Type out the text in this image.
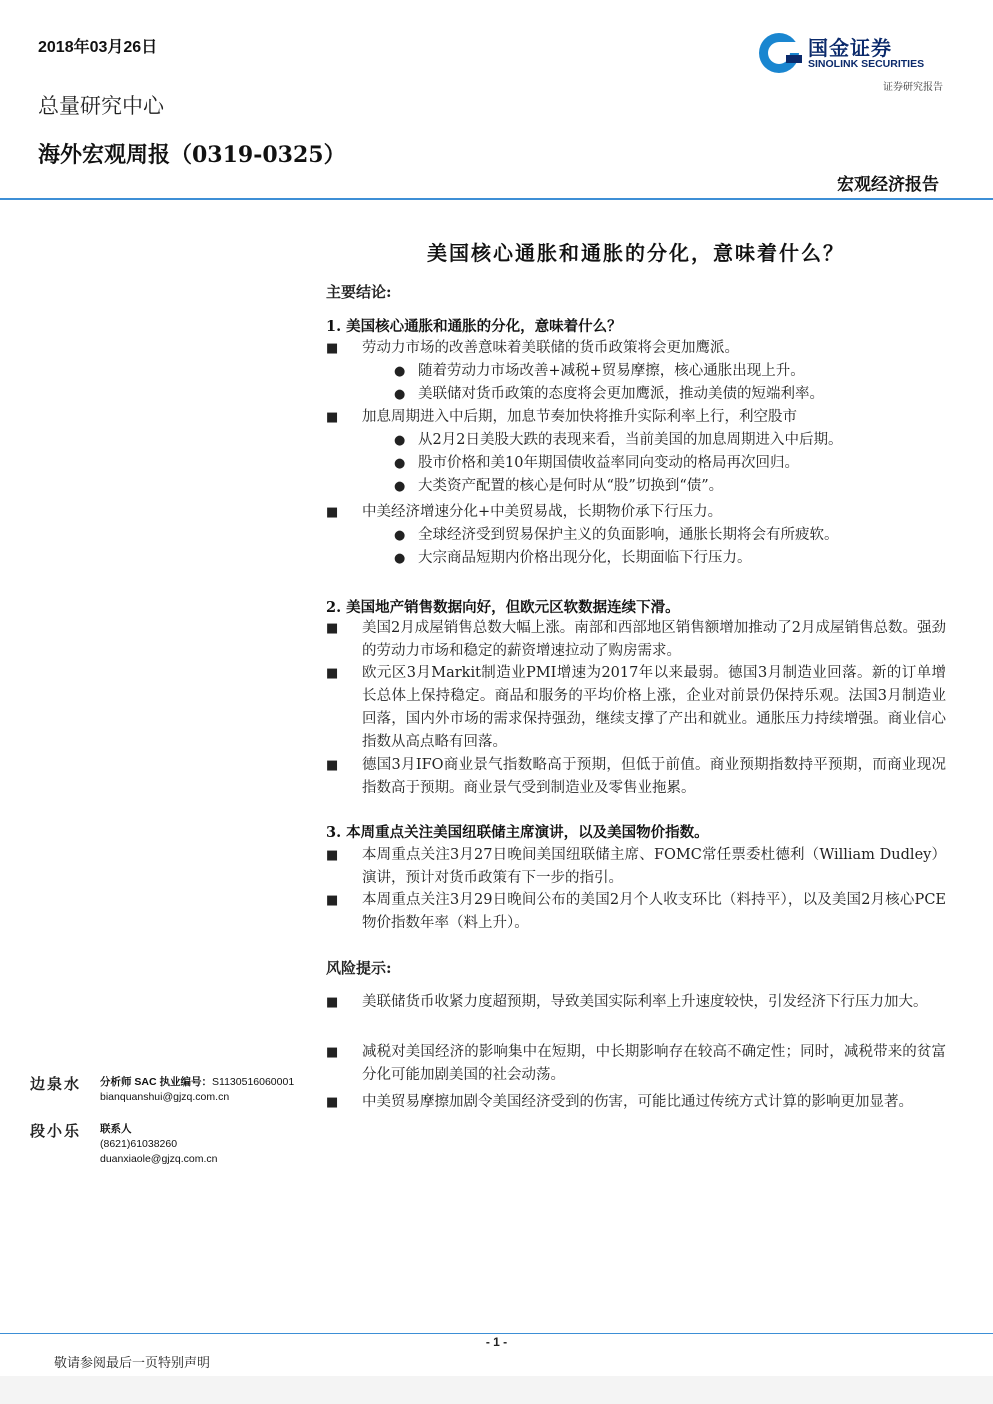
2018年03月26日
总量研究中心
海外宏观周报（0319-0325）
国金证券
SINOLINK SECURITIES
证券研究报告
宏观经济报告
美国核心通胀和通胀的分化，意味着什么？
主要结论:
1. 美国核心通胀和通胀的分化，意味着什么？
■ 劳动力市场的改善意味着美联储的货币政策将会更加鹰派。
● 随着劳动力市场改善+减税+贸易摩擦，核心通胀出现上升。
● 美联储对货币政策的态度将会更加鹰派，推动美债的短端利率。
■ 加息周期进入中后期，加息节奏加快将推升实际利率上行，利空股市
● 从2月2日美股大跌的表现来看，当前美国的加息周期进入中后期。
● 股市价格和美10年期国债收益率同向变动的格局再次回归。
● 大类资产配置的核心是何时从“股”切换到“债”。
■ 中美经济增速分化+中美贸易战，长期物价承下行压力。
● 全球经济受到贸易保护主义的负面影响，通胀长期将会有所疲软。
● 大宗商品短期内价格出现分化，长期面临下行压力。
2. 美国地产销售数据向好，但欧元区软数据连续下滑。
■ 美国2月成屋销售总数大幅上涨。南部和西部地区销售额增加推动了2月成屋销售总数。强劲的劳动力市场和稳定的薪资增速拉动了购房需求。
■ 欧元区3月Markit制造业PMI增速为2017年以来最弱。德国3月制造业回落。新的订单增长总体上保持稳定。商品和服务的平均价格上涨，企业对前景仍保持乐观。法国3月制造业回落，国内外市场的需求保持强劲，继续支撑了产出和就业。通胀压力持续增强。商业信心指数从高点略有回落。
■ 德国3月IFO商业景气指数略高于预期，但低于前值。商业预期指数持平预期，而商业现况指数高于预期。商业景气受到制造业及零售业拖累。
3. 本周重点关注美国纽联储主席演讲，以及美国物价指数。
■ 本周重点关注3月27日晚间美国纽联储主席、FOMC常任票委杜德利（William Dudley）演讲，预计对货币政策有下一步的指引。
■ 本周重点关注3月29日晚间公布的美国2月个人收支环比（料持平），以及美国2月核心PCE物价指数年率（料上升）。
■ 美联储货币收紧力度超预期，导致美国实际利率上升速度较快，引发经济下行压力加大。
■ 减税对美国经济的影响集中在短期，中长期影响存在较高不确定性；同时，减税带来的贫富分化可能加剧美国的社会动荡。
■ 中美贸易摩擦加剧令美国经济受到的伤害，可能比通过传统方式计算的影响更加显著。
风险提示:
边泉水	分析师 SAC 执业编号：S1130516060001
bianquanshui@gjzq.com.cn
段小乐	联系人
(8621)61038260
duanxiaole@gjzq.com.cn
- 1 -
敬请参阅最后一页特别声明
